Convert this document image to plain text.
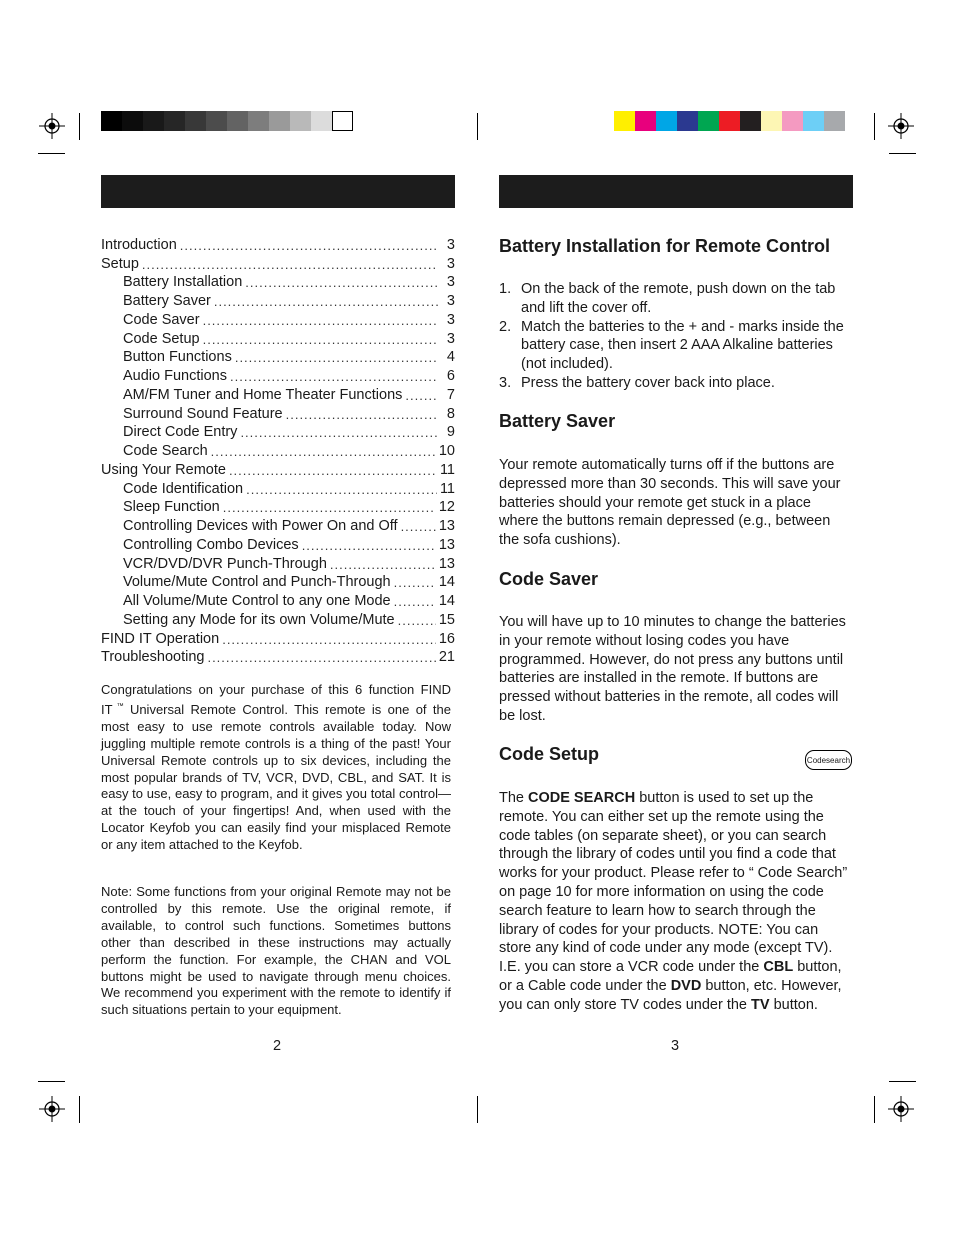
Introduction .....	3
Setup .....	3
Battery Installation .....	3
Battery Saver .....	3
Code Saver .....	3
Code Setup .....	3
Button Functions .....	4
Audio Functions .....	6
AM/FM Tuner and Home Theater Functions .....	7
Surround Sound Feature .....	8
Direct Code Entry .....	9
Code Search .....	10
Using Your Remote .....	11
Code Identification .....	11
Sleep Function .....	12
Controlling Devices with Power On and Off .....	13
Controlling Combo Devices .....	13
VCR/DVD/DVR Punch-Through .....	13
Volume/Mute Control and Punch-Through .....	14
All Volume/Mute Control to any one Mode .....	14
Setting any Mode for its own Volume/Mute .....	15
FIND IT Operation .....	16
Troubleshooting .....	21
Congratulations on your purchase of this 6 function FIND IT ™ Universal Remote Control. This remote is one of the most easy to use remote controls available today. Now juggling multiple remote controls is a thing of the past! Your Universal Remote controls up to six devices, including the most popular brands of TV, VCR, DVD, CBL, and SAT. It is easy to use, easy to program, and it gives you total control—at the touch of your fingertips! And, when used with the Locator Keyfob you can easily find your misplaced Remote or any item attached to the Keyfob.
Note: Some functions from your original Remote may not be controlled by this remote. Use the original remote, if available, to control such functions. Sometimes buttons other than described in these instructions may actually perform the function. For example, the CHAN and VOL buttons might be used to navigate through menu choices. We recommend you experiment with the remote to identify if such situations pertain to your equipment.
2
Battery Installation for Remote Control
1. On the back of the remote, push down on the tab and lift the cover off.
2. Match the batteries to the + and - marks inside the battery case, then insert 2 AAA Alkaline batteries (not included).
3. Press the battery cover back into place.
Battery Saver
Your remote automatically turns off if the buttons are depressed more than 30 seconds. This will save your batteries should your remote get stuck in a place where the buttons remain depressed (e.g., between the sofa cushions).
Code Saver
You will have up to 10 minutes to change the batteries in your remote without losing codes you have programmed. However, do not press any buttons until batteries are installed in the remote. If buttons are pressed without batteries in the remote, all codes will be lost.
Code Setup	Codesearch
The CODE SEARCH button is used to set up the remote. You can either set up the remote using the code tables (on separate sheet), or you can search through the library of codes until you find a code that works for your product. Please refer to “ Code Search” on page 10 for more information on using the code search feature to learn how to search through the library of codes for your products. NOTE: You can store any kind of code under any mode (except TV). I.E. you can store a VCR code under the CBL button, or a Cable code under the DVD button, etc. However, you can only store TV codes under the TV button.
3
